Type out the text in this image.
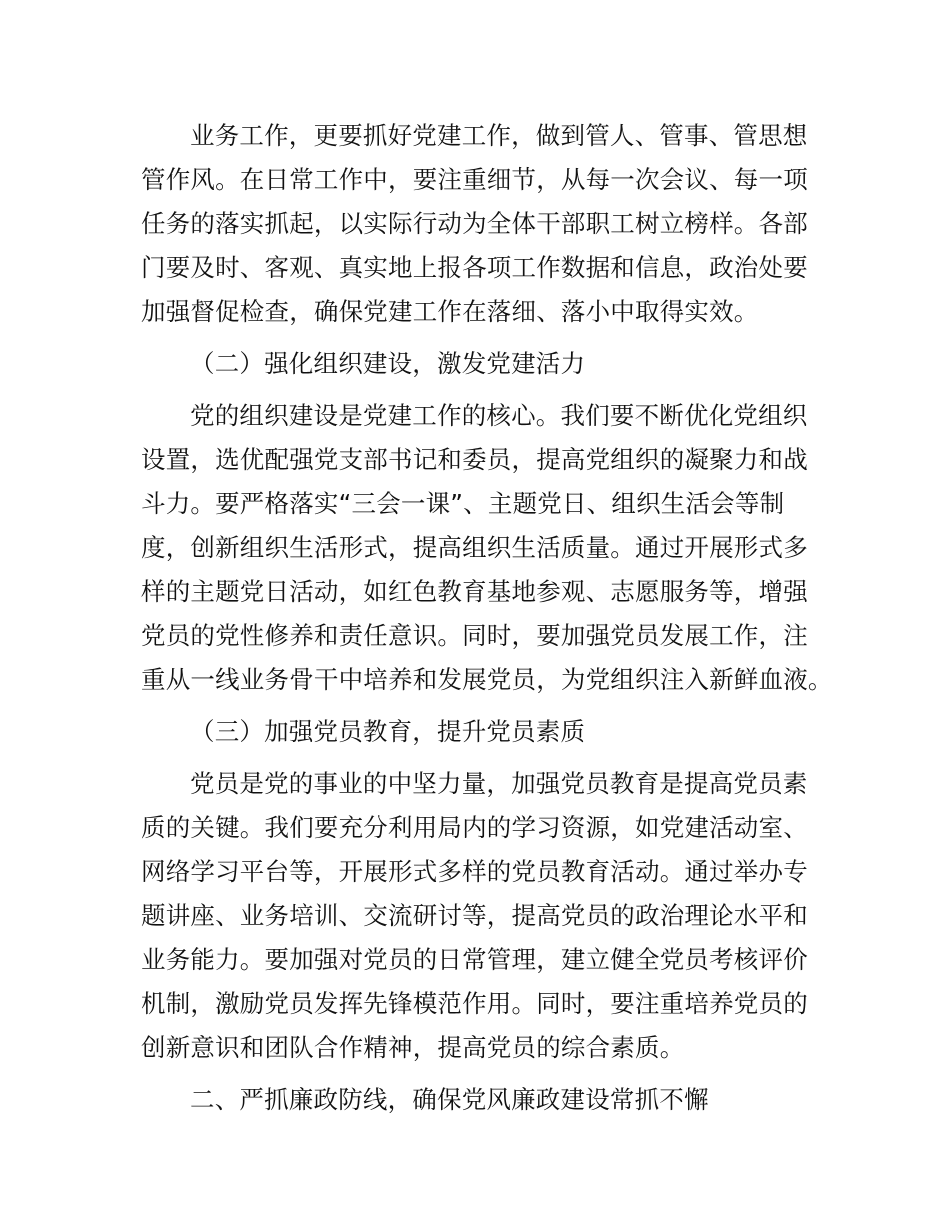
业务工作，更要抓好党建工作，做到管人、管事、管思想
管作风。在日常工作中，要注重细节，从每一次会议、每一项
任务的落实抓起，以实际行动为全体干部职工树立榜样。各部
门要及时、客观、真实地上报各项工作数据和信息，政治处要
加强督促检查，确保党建工作在落细、落小中取得实效。
（二）强化组织建设，激发党建活力
党的组织建设是党建工作的核心。我们要不断优化党组织
设置，选优配强党支部书记和委员，提高党组织的凝聚力和战
斗力。要严格落实“三会一课”、主题党日、组织生活会等制
度，创新组织生活形式，提高组织生活质量。通过开展形式多
样的主题党日活动，如红色教育基地参观、志愿服务等，增强
党员的党性修养和责任意识。同时，要加强党员发展工作，注
重从一线业务骨干中培养和发展党员，为党组织注入新鲜血液。
（三）加强党员教育，提升党员素质
党员是党的事业的中坚力量，加强党员教育是提高党员素
质的关键。我们要充分利用局内的学习资源，如党建活动室、
网络学习平台等，开展形式多样的党员教育活动。通过举办专
题讲座、业务培训、交流研讨等，提高党员的政治理论水平和
业务能力。要加强对党员的日常管理，建立健全党员考核评价
机制，激励党员发挥先锋模范作用。同时，要注重培养党员的
创新意识和团队合作精神，提高党员的综合素质。
二、严抓廉政防线，确保党风廉政建设常抓不懈
